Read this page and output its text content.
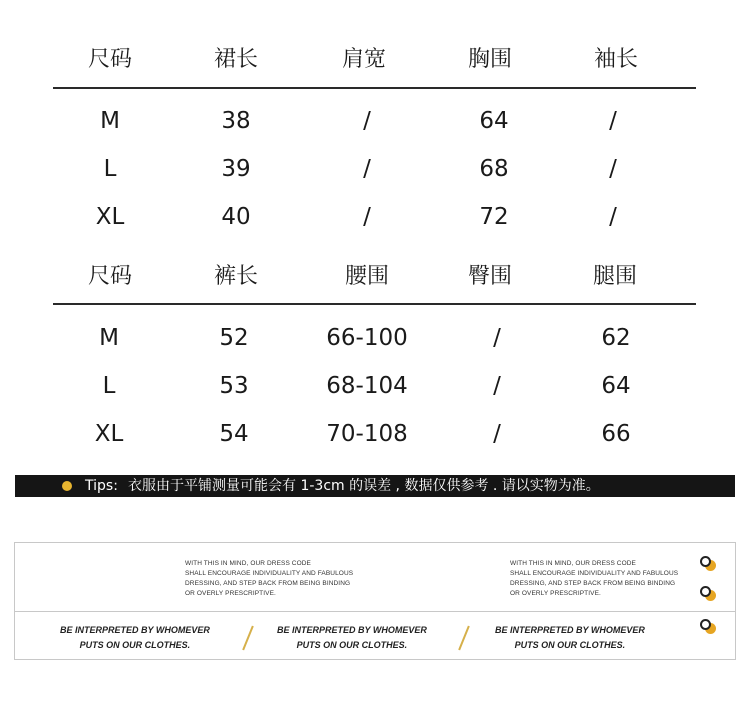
尺码	裙长	肩宽	胸围	袖长
M	38	/	64	/
L	39	/	68	/
XL	40	/	72	/
尺码	裤长	腰围	臀围	腿围
M	52	66-100	/	62
L	53	68-104	/	64
XL	54	70-108	/	66
Tips: 衣服由于平铺测量可能会有 1-3cm 的误差 , 数据仅供参考 . 请以实物为准。
WITH THIS IN MIND, OUR DRESS CODE
SHALL ENCOURAGE INDIVIDUALITY AND FABULOUS
DRESSING, AND STEP BACK FROM BEING BINDING
OR OVERLY PRESCRIPTIVE.
WITH THIS IN MIND, OUR DRESS CODE
SHALL ENCOURAGE INDIVIDUALITY AND FABULOUS
DRESSING, AND STEP BACK FROM BEING BINDING
OR OVERLY PRESCRIPTIVE.
BE INTERPRETED BY WHOMEVER
PUTS ON OUR CLOTHES.
BE INTERPRETED BY WHOMEVER
PUTS ON OUR CLOTHES.
BE INTERPRETED BY WHOMEVER
PUTS ON OUR CLOTHES.
